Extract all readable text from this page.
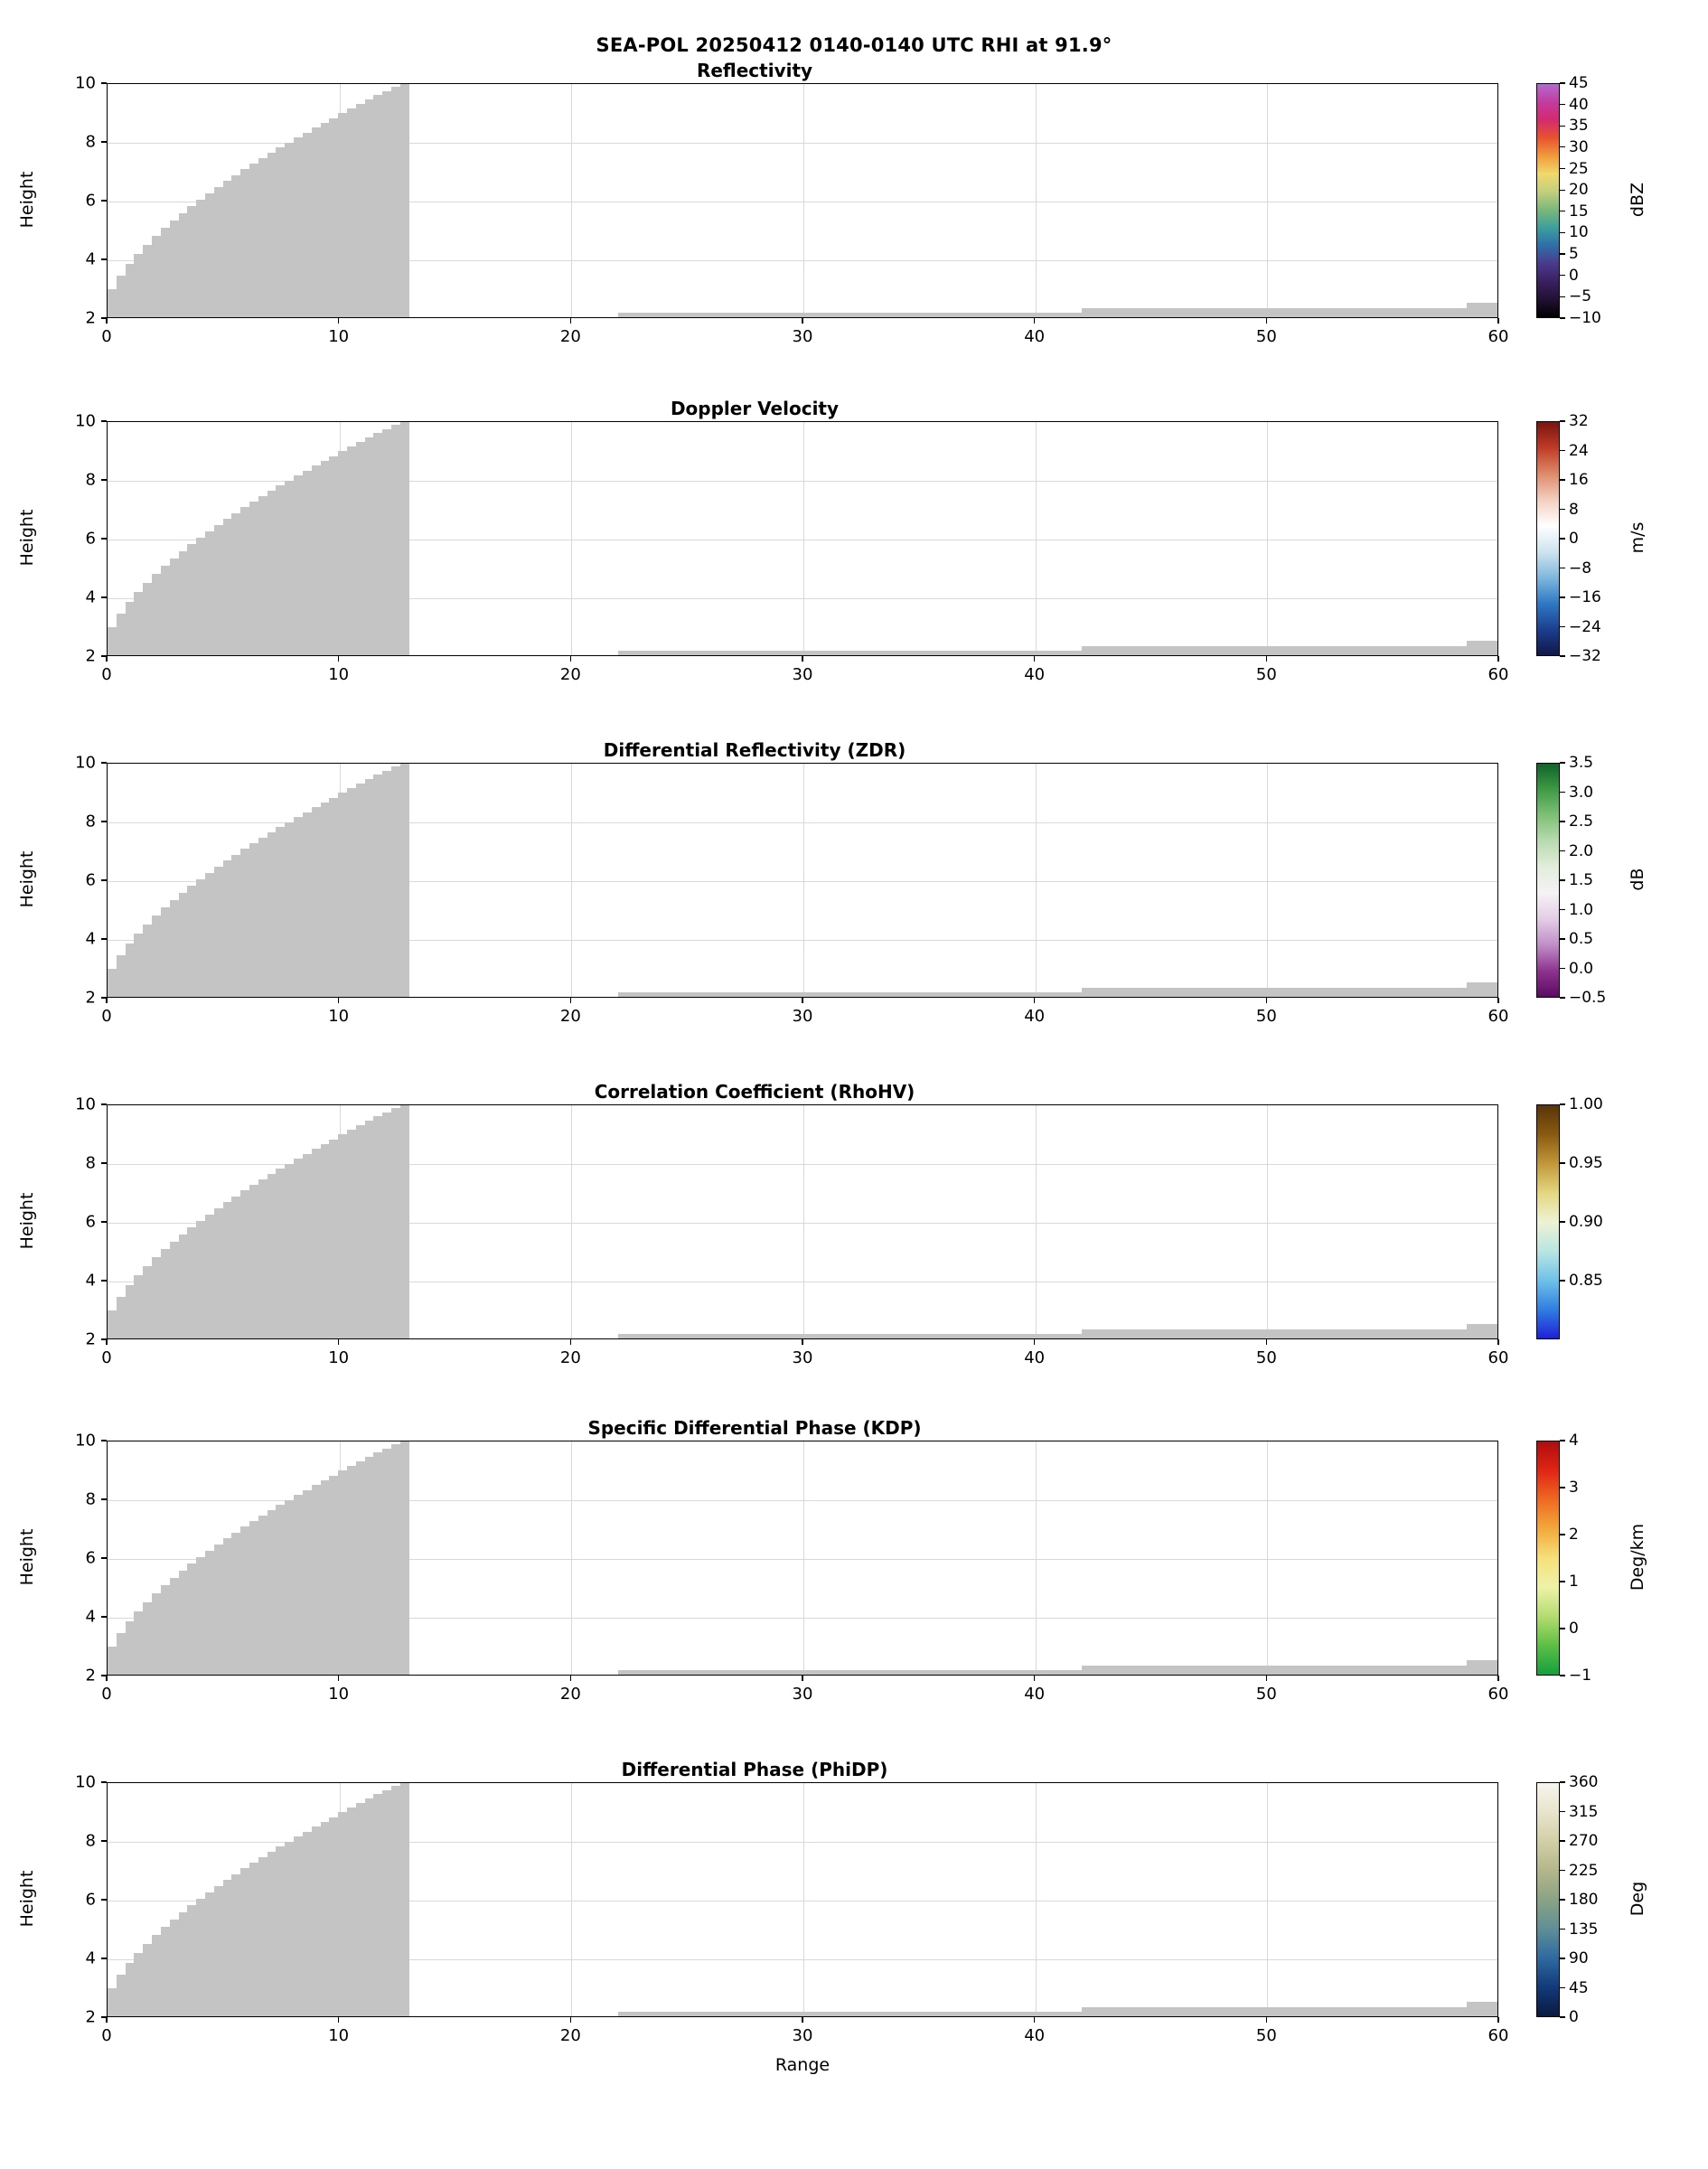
SEA-POL 20250412 0140-0140 UTC RHI at 91.9°
Reflectivity
0	10	20	30	40	50	60
2
4
6
8
10
Height
−10
−5
0
5
10
15
20
25
30
35
40
45
dBZ
Doppler Velocity
0	10	20	30	40	50	60
2
4
6
8
10
Height
−32
−24
−16
−8
0
8
16
24
32
m/s
Differential Reflectivity (ZDR)
0	10	20	30	40	50	60
2
4
6
8
10
Height
−0.5
0.0
0.5
1.0
1.5
2.0
2.5
3.0
3.5
dB
Correlation Coefficient (RhoHV)
0	10	20	30	40	50	60
2
4
6
8
10
Height
0.85
0.90
0.95
1.00
Specific Differential Phase (KDP)
0	10	20	30	40	50	60
2
4
6
8
10
Height
−1
0
1
2
3
4
Deg/km
Differential Phase (PhiDP)
0	10	20	30	40	50	60
2
4
6
8
10
Height
0
45
90
135
180
225
270
315
360
Deg
Range
